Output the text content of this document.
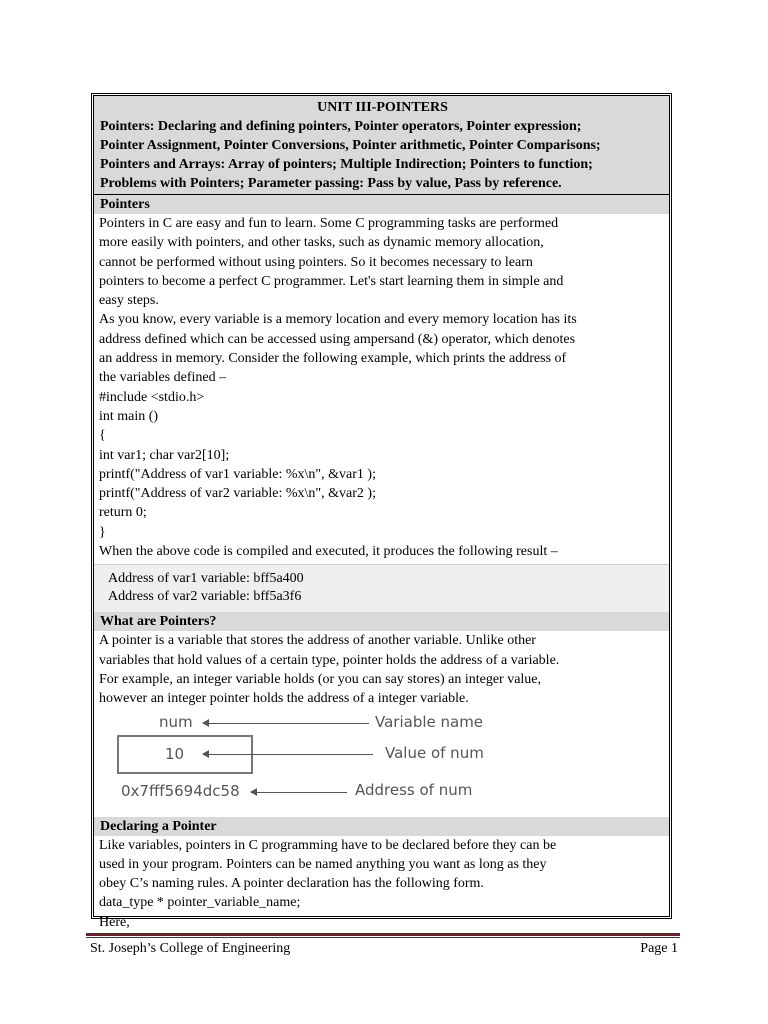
UNIT III-POINTERS
Pointers: Declaring and defining pointers, Pointer operators, Pointer expression;
Pointer Assignment, Pointer Conversions, Pointer arithmetic, Pointer Comparisons;
Pointers and Arrays: Array of pointers; Multiple Indirection; Pointers to function;
Problems with Pointers; Parameter passing: Pass by value, Pass by reference.
Pointers
Pointers in C are easy and fun to learn. Some C programming tasks are performed
more easily with pointers, and other tasks, such as dynamic memory allocation,
cannot be performed without using pointers. So it becomes necessary to learn
pointers to become a perfect C programmer. Let's start learning them in simple and
easy steps.
As you know, every variable is a memory location and every memory location has its
address defined which can be accessed using ampersand (&) operator, which denotes
an address in memory. Consider the following example, which prints the address of
the variables defined –
#include <stdio.h>
int main ()
{
int var1; char var2[10];
printf("Address of var1 variable: %x\n", &var1 );
printf("Address of var2 variable: %x\n", &var2 );
return 0;
}
When the above code is compiled and executed, it produces the following result –
Address of var1 variable: bff5a400
Address of var2 variable: bff5a3f6
What are Pointers?
A pointer is a variable that stores the address of another variable. Unlike other
variables that hold values of a certain type, pointer holds the address of a variable.
For example, an integer variable holds (or you can say stores) an integer value,
however an integer pointer holds the address of a integer variable.
num	Variable name
10	Value of num
0x7fff5694dc58	Address of num
Declaring a Pointer
Like variables, pointers in C programming have to be declared before they can be
used in your program. Pointers can be named anything you want as long as they
obey C’s naming rules. A pointer declaration has the following form.
data_type * pointer_variable_name;
Here,
St. Joseph’s College of Engineering	Page 1
